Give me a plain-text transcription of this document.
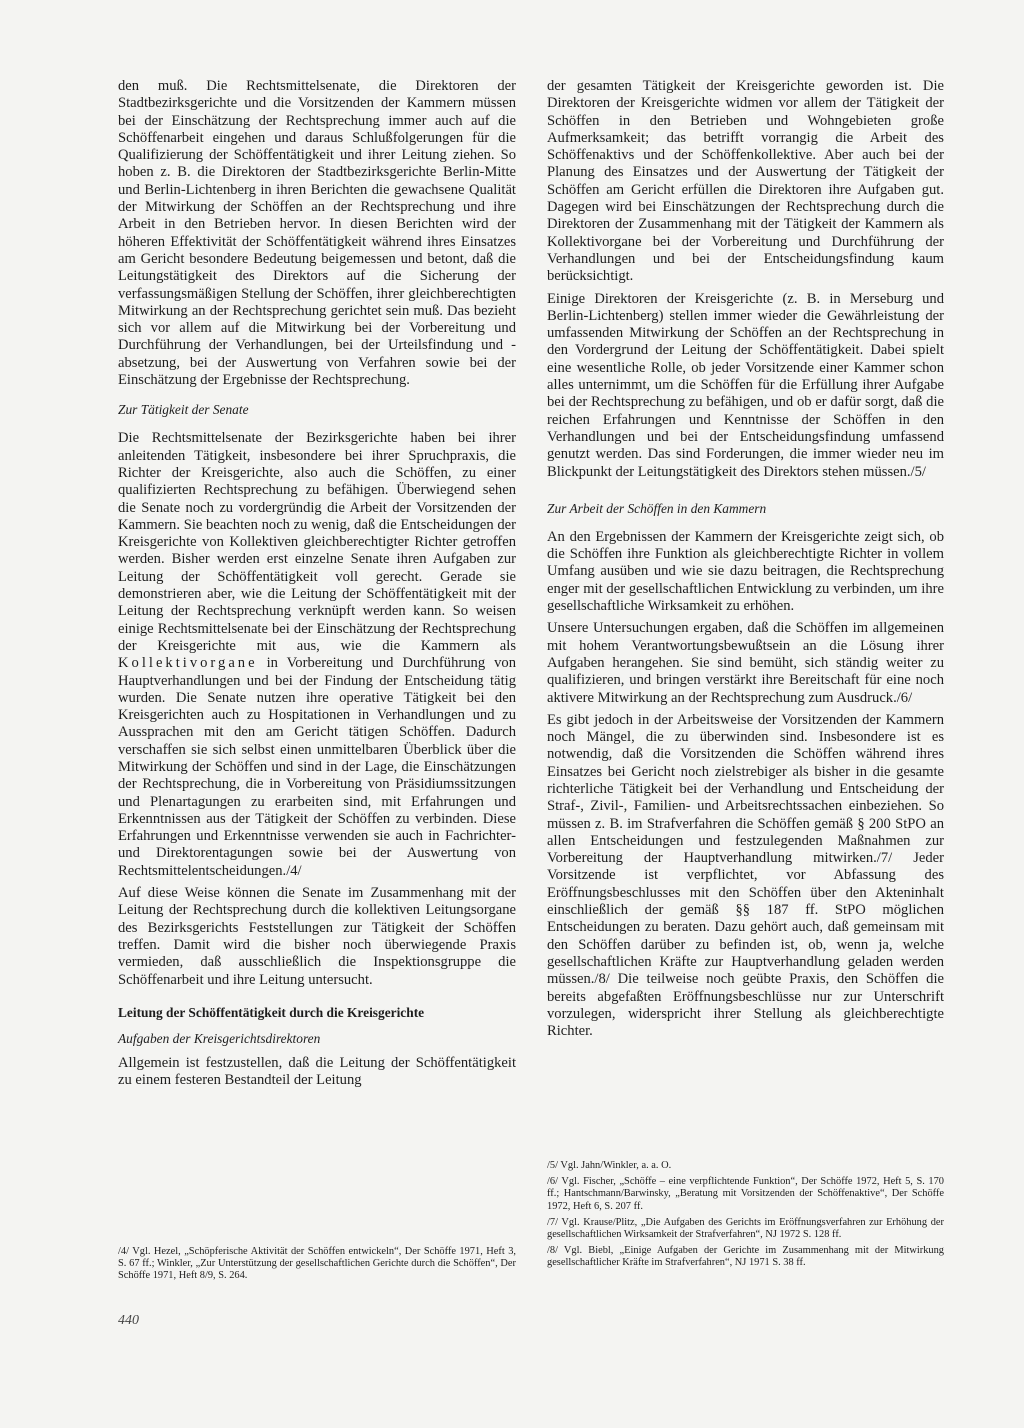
den muß. Die Rechtsmittelsenate, die Direktoren der Stadtbezirksgerichte und die Vorsitzenden der Kammern müssen bei der Einschätzung der Rechtsprechung immer auch auf die Schöffenarbeit eingehen und daraus Schlußfolgerungen für die Qualifizierung der Schöffentätigkeit und ihrer Leitung ziehen. So hoben z. B. die Direktoren der Stadtbezirksgerichte Berlin-Mitte und Berlin-Lichtenberg in ihren Berichten die gewachsene Qualität der Mitwirkung der Schöffen an der Rechtsprechung und ihre Arbeit in den Betrieben hervor. In diesen Berichten wird der höheren Effektivität der Schöffentätigkeit während ihres Einsatzes am Gericht besondere Bedeutung beigemessen und betont, daß die Leitungstätigkeit des Direktors auf die Sicherung der verfassungsmäßigen Stellung der Schöffen, ihrer gleichberechtigten Mitwirkung an der Rechtsprechung gerichtet sein muß. Das bezieht sich vor allem auf die Mitwirkung bei der Vorbereitung und Durchführung der Verhandlungen, bei der Urteilsfindung und -absetzung, bei der Auswertung von Verfahren sowie bei der Einschätzung der Ergebnisse der Rechtsprechung.

Zur Tätigkeit der Senate

Die Rechtsmittelsenate der Bezirksgerichte haben bei ihrer anleitenden Tätigkeit, insbesondere bei ihrer Spruchpraxis, die Richter der Kreisgerichte, also auch die Schöffen, zu einer qualifizierten Rechtsprechung zu befähigen. Überwiegend sehen die Senate noch zu vordergründig die Arbeit der Vorsitzenden der Kammern. Sie beachten noch zu wenig, daß die Entscheidungen der Kreisgerichte von Kollektiven gleichberechtigter Richter getroffen werden. Bisher werden erst einzelne Senate ihren Aufgaben zur Leitung der Schöffentätigkeit voll gerecht. Gerade sie demonstrieren aber, wie die Leitung der Schöffentätigkeit mit der Leitung der Rechtsprechung verknüpft werden kann. So weisen einige Rechtsmittelsenate bei der Einschätzung der Rechtsprechung der Kreisgerichte mit aus, wie die Kammern als Kollektivorgane in Vorbereitung und Durchführung von Hauptverhandlungen und bei der Findung der Entscheidung tätig wurden. Die Senate nutzen ihre operative Tätigkeit bei den Kreisgerichten auch zu Hospitationen in Verhandlungen und zu Aussprachen mit den am Gericht tätigen Schöffen. Dadurch verschaffen sie sich selbst einen unmittelbaren Überblick über die Mitwirkung der Schöffen und sind in der Lage, die Einschätzungen der Rechtsprechung, die in Vorbereitung von Präsidiumssitzungen und Plenartagungen zu erarbeiten sind, mit Erfahrungen und Erkenntnissen aus der Tätigkeit der Schöffen zu verbinden. Diese Erfahrungen und Erkenntnisse verwenden sie auch in Fachrichter- und Direktorentagungen sowie bei der Auswertung von Rechtsmittelentscheidungen./4/

Auf diese Weise können die Senate im Zusammenhang mit der Leitung der Rechtsprechung durch die kollektiven Leitungsorgane des Bezirksgerichts Feststellungen zur Tätigkeit der Schöffen treffen. Damit wird die bisher noch überwiegende Praxis vermieden, daß ausschließlich die Inspektionsgruppe die Schöffenarbeit und ihre Leitung untersucht.

Leitung der Schöffentätigkeit durch die Kreisgerichte
Aufgaben der Kreisgerichtsdirektoren

Allgemein ist festzustellen, daß die Leitung der Schöffentätigkeit zu einem festeren Bestandteil der Leitung

der gesamten Tätigkeit der Kreisgerichte geworden ist. Die Direktoren der Kreisgerichte widmen vor allem der Tätigkeit der Schöffen in den Betrieben und Wohngebieten große Aufmerksamkeit; das betrifft vorrangig die Arbeit des Schöffenaktivs und der Schöffenkollektive. Aber auch bei der Planung des Einsatzes und der Auswertung der Tätigkeit der Schöffen am Gericht erfüllen die Direktoren ihre Aufgaben gut. Dagegen wird bei Einschätzungen der Rechtsprechung durch die Direktoren der Zusammenhang mit der Tätigkeit der Kammern als Kollektivorgane bei der Vorbereitung und Durchführung der Verhandlungen und bei der Entscheidungsfindung kaum berücksichtigt.

Einige Direktoren der Kreisgerichte (z. B. in Merseburg und Berlin-Lichtenberg) stellen immer wieder die Gewährleistung der umfassenden Mitwirkung der Schöffen an der Rechtsprechung in den Vordergrund der Leitung der Schöffentätigkeit. Dabei spielt eine wesentliche Rolle, ob jeder Vorsitzende einer Kammer schon alles unternimmt, um die Schöffen für die Erfüllung ihrer Aufgabe bei der Rechtsprechung zu befähigen, und ob er dafür sorgt, daß die reichen Erfahrungen und Kenntnisse der Schöffen in den Verhandlungen und bei der Entscheidungsfindung umfassend genutzt werden. Das sind Forderungen, die immer wieder neu im Blickpunkt der Leitungstätigkeit des Direktors stehen müssen./5/

Zur Arbeit der Schöffen in den Kammern

An den Ergebnissen der Kammern der Kreisgerichte zeigt sich, ob die Schöffen ihre Funktion als gleichberechtigte Richter in vollem Umfang ausüben und wie sie dazu beitragen, die Rechtsprechung enger mit der gesellschaftlichen Entwicklung zu verbinden, um ihre gesellschaftliche Wirksamkeit zu erhöhen.

Unsere Untersuchungen ergaben, daß die Schöffen im allgemeinen mit hohem Verantwortungsbewußtsein an die Lösung ihrer Aufgaben herangehen. Sie sind bemüht, sich ständig weiter zu qualifizieren, und bringen verstärkt ihre Bereitschaft für eine noch aktivere Mitwirkung an der Rechtsprechung zum Ausdruck./6/

Es gibt jedoch in der Arbeitsweise der Vorsitzenden der Kammern noch Mängel, die zu überwinden sind. Insbesondere ist es notwendig, daß die Vorsitzenden die Schöffen während ihres Einsatzes bei Gericht noch zielstrebiger als bisher in die gesamte richterliche Tätigkeit bei der Verhandlung und Entscheidung der Straf-, Zivil-, Familien- und Arbeitsrechtssachen einbeziehen. So müssen z. B. im Strafverfahren die Schöffen gemäß § 200 StPO an allen Entscheidungen und festzulegenden Maßnahmen zur Vorbereitung der Hauptverhandlung mitwirken./7/ Jeder Vorsitzende ist verpflichtet, vor Abfassung des Eröffnungsbeschlusses mit den Schöffen über den Akteninhalt einschließlich der gemäß §§ 187 ff. StPO möglichen Entscheidungen zu beraten. Dazu gehört auch, daß gemeinsam mit den Schöffen darüber zu befinden ist, ob, wenn ja, welche gesellschaftlichen Kräfte zur Hauptverhandlung geladen werden müssen./8/ Die teilweise noch geübte Praxis, den Schöffen die bereits abgefaßten Eröffnungsbeschlüsse nur zur Unterschrift vorzulegen, widerspricht ihrer Stellung als gleichberechtigte Richter.

/4/ Vgl. Hezel, „Schöpferische Aktivität der Schöffen entwickeln“, Der Schöffe 1971, Heft 3, S. 67 ff.; Winkler, „Zur Unterstützung der gesellschaftlichen Gerichte durch die Schöffen“, Der Schöffe 1971, Heft 8/9, S. 264.

/5/ Vgl. Jahn/Winkler, a. a. O.

/6/ Vgl. Fischer, „Schöffe – eine verpflichtende Funktion“, Der Schöffe 1972, Heft 5, S. 170 ff.; Hantschmann/Barwinsky, „Beratung mit Vorsitzenden der Schöffenaktive“, Der Schöffe 1972, Heft 6, S. 207 ff.

/7/ Vgl. Krause/Plitz, „Die Aufgaben des Gerichts im Eröffnungsverfahren zur Erhöhung der gesellschaftlichen Wirksamkeit der Strafverfahren“, NJ 1972 S. 128 ff.

/8/ Vgl. Biebl, „Einige Aufgaben der Gerichte im Zusammenhang mit der Mitwirkung gesellschaftlicher Kräfte im Strafverfahren“, NJ 1971 S. 38 ff.

440
